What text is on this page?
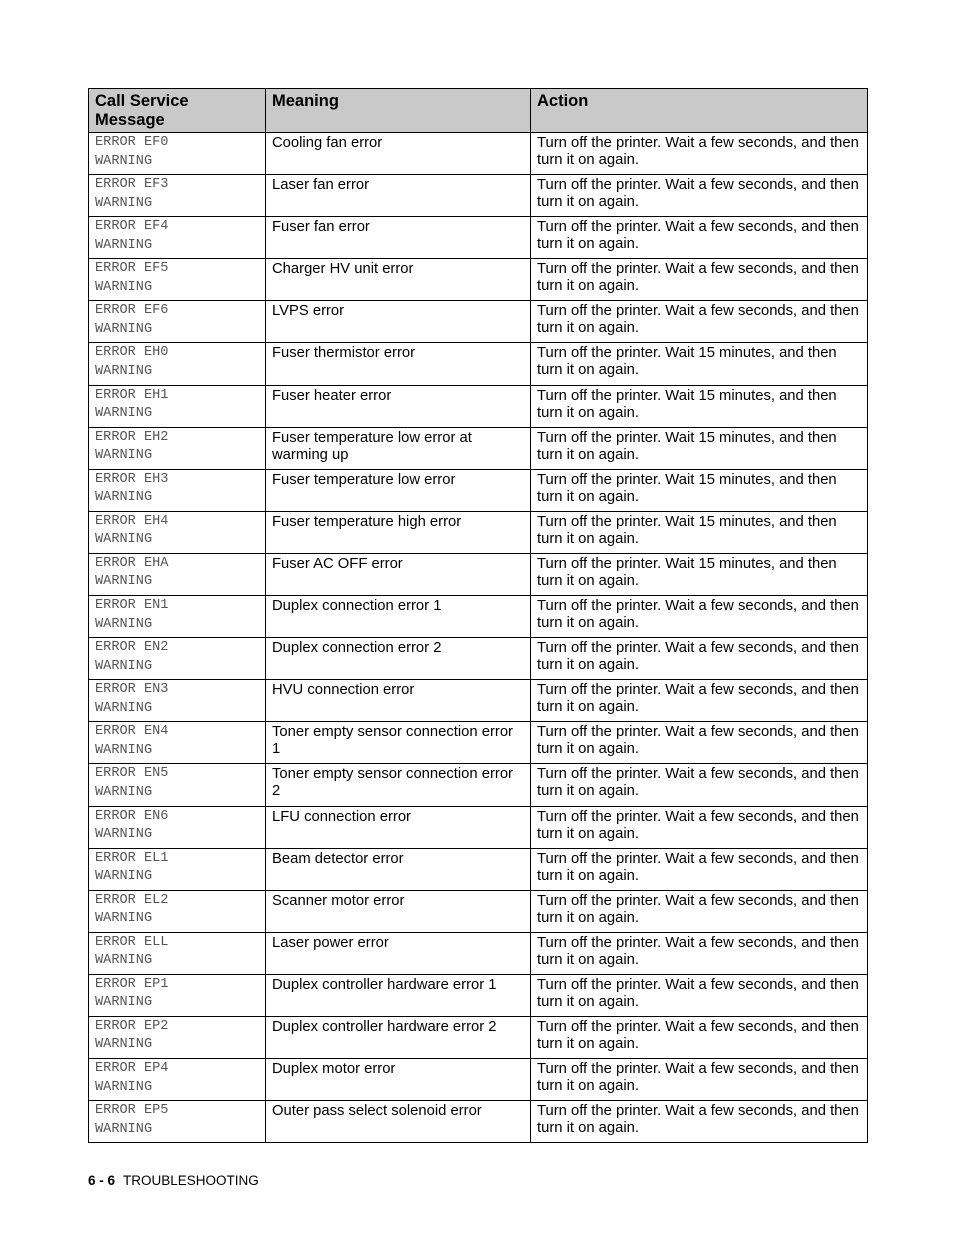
Call Service
Message	Meaning	Action
ERROR EF0
WARNING	Cooling fan error	Turn off the printer. Wait a few seconds, and then turn it on again.
ERROR EF3
WARNING	Laser fan error	Turn off the printer. Wait a few seconds, and then turn it on again.
ERROR EF4
WARNING	Fuser fan error	Turn off the printer. Wait a few seconds, and then turn it on again.
ERROR EF5
WARNING	Charger HV unit error	Turn off the printer. Wait a few seconds, and then turn it on again.
ERROR EF6
WARNING	LVPS error	Turn off the printer. Wait a few seconds, and then turn it on again.
ERROR EH0
WARNING	Fuser thermistor error	Turn off the printer. Wait 15 minutes, and then turn it on again.
ERROR EH1
WARNING	Fuser heater error	Turn off the printer. Wait 15 minutes, and then turn it on again.
ERROR EH2
WARNING	Fuser temperature low error at warming up	Turn off the printer. Wait 15 minutes, and then turn it on again.
ERROR EH3
WARNING	Fuser temperature low error	Turn off the printer. Wait 15 minutes, and then turn it on again.
ERROR EH4
WARNING	Fuser temperature high error	Turn off the printer. Wait 15 minutes, and then turn it on again.
ERROR EHA
WARNING	Fuser AC OFF error	Turn off the printer. Wait 15 minutes, and then turn it on again.
ERROR EN1
WARNING	Duplex connection error 1	Turn off the printer. Wait a few seconds, and then turn it on again.
ERROR EN2
WARNING	Duplex connection error 2	Turn off the printer. Wait a few seconds, and then turn it on again.
ERROR EN3
WARNING	HVU connection error	Turn off the printer. Wait a few seconds, and then turn it on again.
ERROR EN4
WARNING	Toner empty sensor connection error 1	Turn off the printer. Wait a few seconds, and then turn it on again.
ERROR EN5
WARNING	Toner empty sensor connection error 2	Turn off the printer. Wait a few seconds, and then turn it on again.
ERROR EN6
WARNING	LFU connection error	Turn off the printer. Wait a few seconds, and then turn it on again.
ERROR EL1
WARNING	Beam detector error	Turn off the printer. Wait a few seconds, and then turn it on again.
ERROR EL2
WARNING	Scanner motor error	Turn off the printer. Wait a few seconds, and then turn it on again.
ERROR ELL
WARNING	Laser power error	Turn off the printer. Wait a few seconds, and then turn it on again.
ERROR EP1
WARNING	Duplex controller hardware error 1	Turn off the printer. Wait a few seconds, and then turn it on again.
ERROR EP2
WARNING	Duplex controller hardware error 2	Turn off the printer. Wait a few seconds, and then turn it on again.
ERROR EP4
WARNING	Duplex motor error	Turn off the printer. Wait a few seconds, and then turn it on again.
ERROR EP5
WARNING	Outer pass select solenoid error	Turn off the printer. Wait a few seconds, and then turn it on again.
6 - 6 TROUBLESHOOTING
